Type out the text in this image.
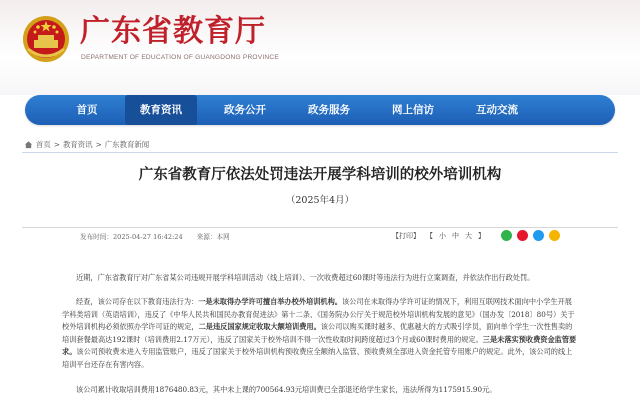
广东省教育厅
DEPARTMENT OF EDUCATION OF GUANGDONG PROVINCE
首页	教育资讯	政务公开	政务服务	网上信访	互动交流
首页 > 教育资讯 > 广东教育新闻
广东省教育厅依法处罚违法开展学科培训的校外培训机构
（2025年4月）
发布时间：2025-04-27 16:42:24 来源：本网	【打印】 【 小 中 大 】

近期，广东省教育厅对广东省某公司违规开展学科培训活动（线上培训）、一次收费超过60课时等违法行为进行立案调查，并依法作出行政处罚。

经查，该公司存在以下教育违法行为：一是未取得办学许可擅自举办校外培训机构。该公司在未取得办学许可证的情况下，利用互联网技术面向中小学生开展学科类培训（英语培训），违反了《中华人民共和国民办教育促进法》第十二条、《国务院办公厅关于规范校外培训机构发展的意见》（国办发〔2018〕80号）关于校外培训机构必须依照办学许可证的规定，二是违反国家规定收取大额培训费用。该公司以购买课时越多、优惠越大的方式吸引学员，面向单个学生一次性售卖的培训套餐最高达192课时（培训费用2.17万元），违反了国家关于校外培训不得一次性收取时间跨度超过3个月或60课时费用的规定。三是未落实预收费资金监管要求。该公司预收费未进入专用监管账户，违反了国家关于校外培训机构预收费应全额纳入监管、预收费须全部进入资金托管专用账户的规定。此外，该公司的线上培训平台还存在有害内容。

该公司累计收取培训费用1876480.83元，其中未上课的700564.93元培训费已全部退还给学生家长，违法所得为1175915.90元。
